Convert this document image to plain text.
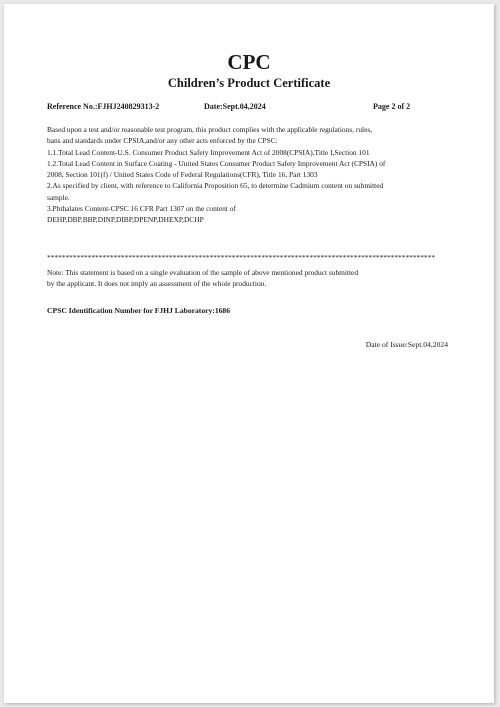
CPC
Children’s Product Certificate
Reference No.:FJHJ240829313-2	Date:Sept.04,2024	Page 2 of 2

Based upon a test and/or reasonable test program, this product complies with the applicable regulations, rules,

bans and standards under CPSIA,and/or any other acts enforced by the CPSC:

1.1.Total Lead Content-U.S. Consumer Product Safety Improvement Act of 2008(CPSIA),Title I,Section 101

1.2.Total Lead Content in Surface Coating - United States Consumer Product Safety Improvement Act (CPSIA) of

2008, Section 101(f) / United States Code of Federal Regulations(CFR), Title 16, Part 1303

2.As specified by client, with reference to California Proposition 65, to determine Cadmium content on submitted

sample.

3.Phthalates Content-CPSC 16 CFR Part 1307 on the content of

DEHP,DBP,BBP,DINP,DIBP,DPENP,DHEXP,DCHP

*********************************************************************************************************

Note: This statement is based on a single evaluation of the sample of above mentioned product submitted

by the applicant. It does not imply an assessment of the whole production.

CPSC Identification Number for FJHJ Laboratory:1686
Date of Issue:Sept.04,2024
